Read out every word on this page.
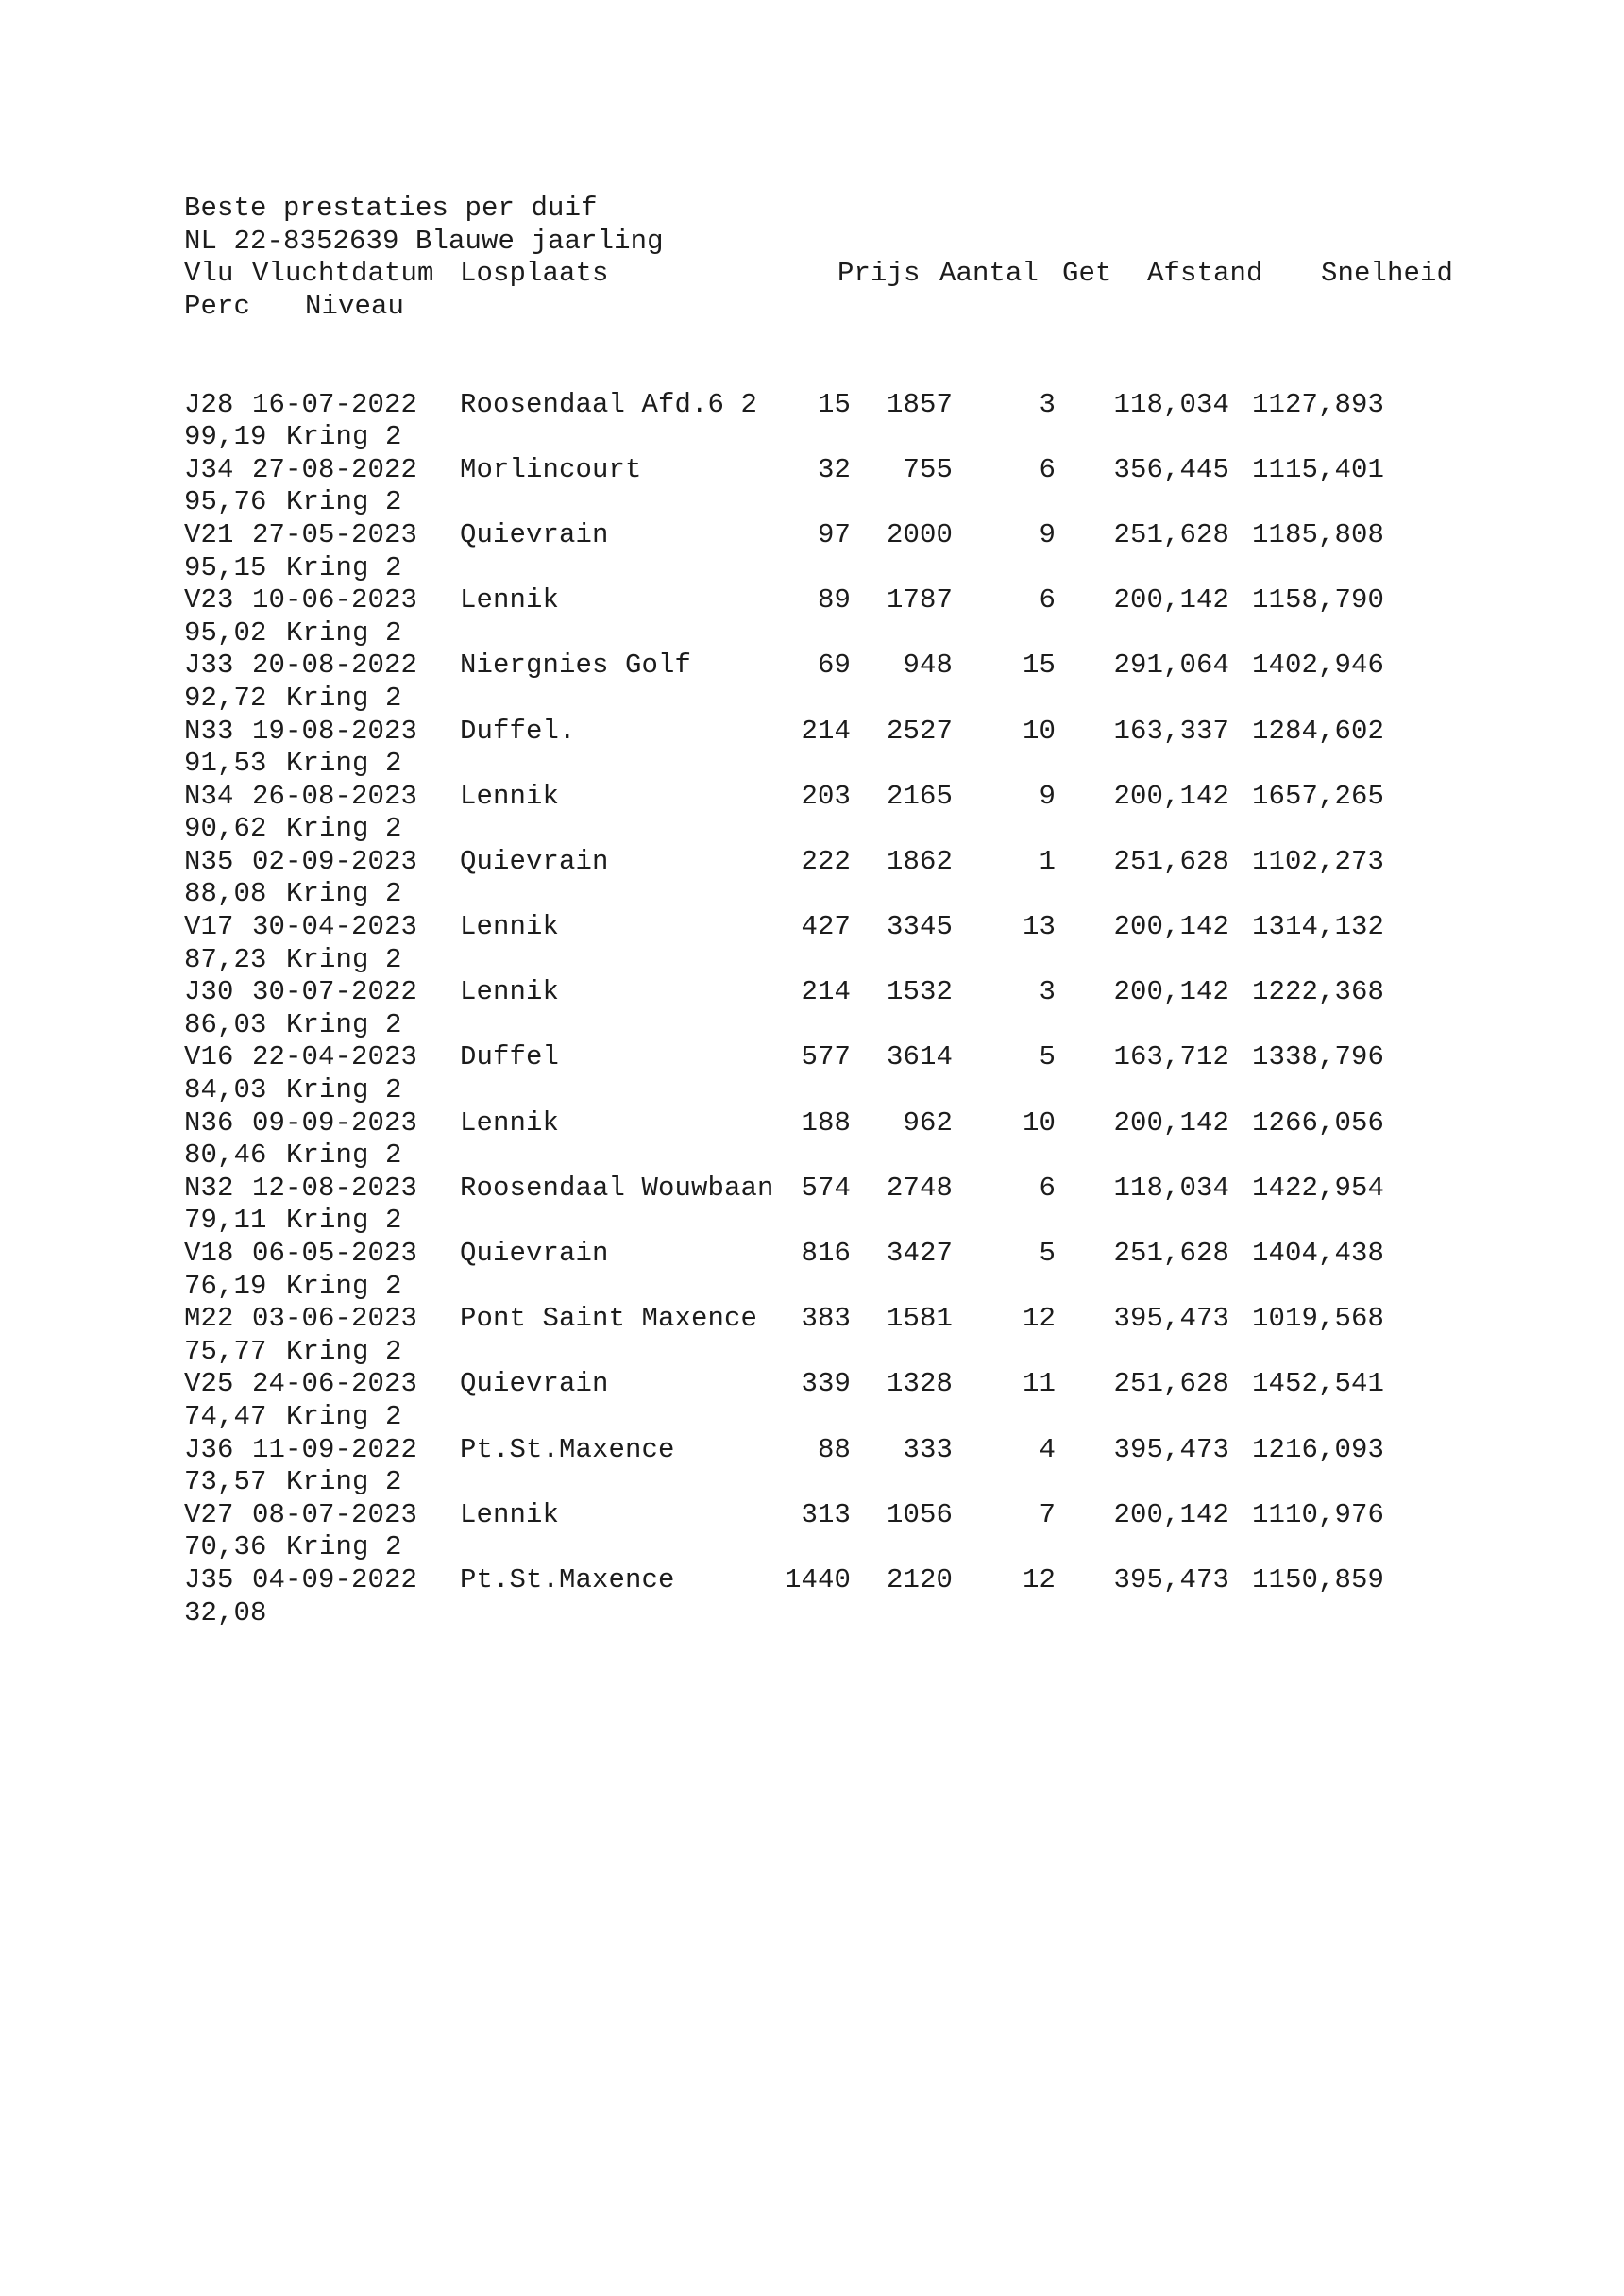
Beste prestaties per duif
NL 22-8352639 Blauwe jaarling
Vlu Vluchtdatum Losplaats	Prijs Aantal Get Afstand Snelheid
Perc Niveau
J28 16-07-2022 Roosendaal Afd.6 2 15 1857	3 118,034 1127,893
99,19 Kring 2
J34 27-08-2022 Morlincourt	32 755	6 356,445 1115,401
95,76 Kring 2
V21 27-05-2023 Quievrain	97 2000	9 251,628 1185,808
95,15 Kring 2
V23 10-06-2023 Lennik	89 1787	6 200,142 1158,790
95,02 Kring 2
J33 20-08-2022 Niergnies Golf	69 948	15 291,064 1402,946
92,72 Kring 2
N33 19-08-2023 Duffel.	214 2527	10 163,337 1284,602
91,53 Kring 2
N34 26-08-2023 Lennik	203 2165	9 200,142 1657,265
90,62 Kring 2
N35 02-09-2023 Quievrain	222 1862	1 251,628 1102,273
88,08 Kring 2
V17 30-04-2023 Lennik	427 3345	13 200,142 1314,132
87,23 Kring 2
J30 30-07-2022 Lennik	214 1532	3 200,142 1222,368
86,03 Kring 2
V16 22-04-2023 Duffel	577 3614	5 163,712 1338,796
84,03 Kring 2
N36 09-09-2023 Lennik	188 962	10 200,142 1266,056
80,46 Kring 2
N32 12-08-2023 Roosendaal Wouwbaan 574 2748	6 118,034 1422,954
79,11 Kring 2
V18 06-05-2023 Quievrain	816 3427	5 251,628 1404,438
76,19 Kring 2
M22 03-06-2023 Pont Saint Maxence 383 1581	12 395,473 1019,568
75,77 Kring 2
V25 24-06-2023 Quievrain	339 1328	11 251,628 1452,541
74,47 Kring 2
J36 11-09-2022 Pt.St.Maxence	88 333	4 395,473 1216,093
73,57 Kring 2
V27 08-07-2023 Lennik	313 1056	7 200,142 1110,976
70,36 Kring 2
J35 04-09-2022 Pt.St.Maxence	1440 2120	12 395,473 1150,859
32,08
